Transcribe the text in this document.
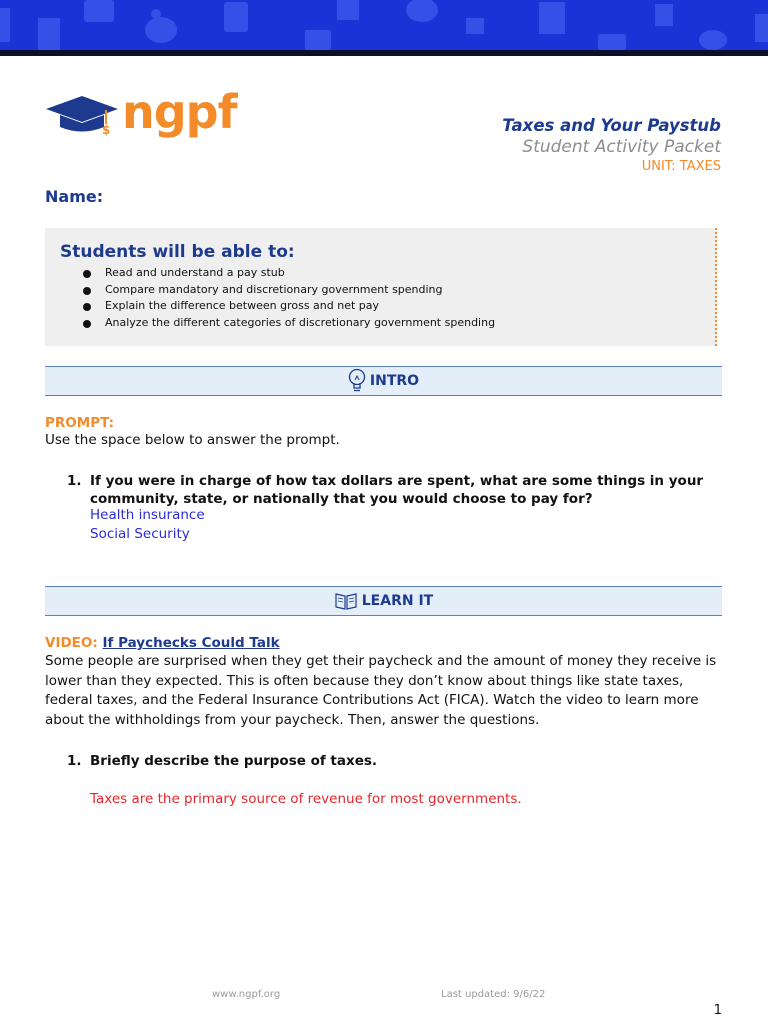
$ ngpf	Taxes and Your Paystub
Student Activity Packet
UNIT: TAXES
Name:
Students will be able to:
Read and understand a pay stub
Compare mandatory and discretionary government spending
Explain the difference between gross and net pay
Analyze the different categories of discretionary government spending
INTRO
PROMPT:
Use the space below to answer the prompt.
1. If you were in charge of how tax dollars are spent, what are some things in your community, state, or nationally that you would choose to pay for?
Health insurance
Social Security
LEARN IT
VIDEO: If Paychecks Could Talk
Some people are surprised when they get their paycheck and the amount of money they receive is lower than they expected. This is often because they don’t know about things like state taxes, federal taxes, and the Federal Insurance Contributions Act (FICA). Watch the video to learn more about the withholdings from your paycheck. Then, answer the questions.
1. Briefly describe the purpose of taxes.
Taxes are the primary source of revenue for most governments.
www.ngpf.org	Last updated: 9/6/22
1
